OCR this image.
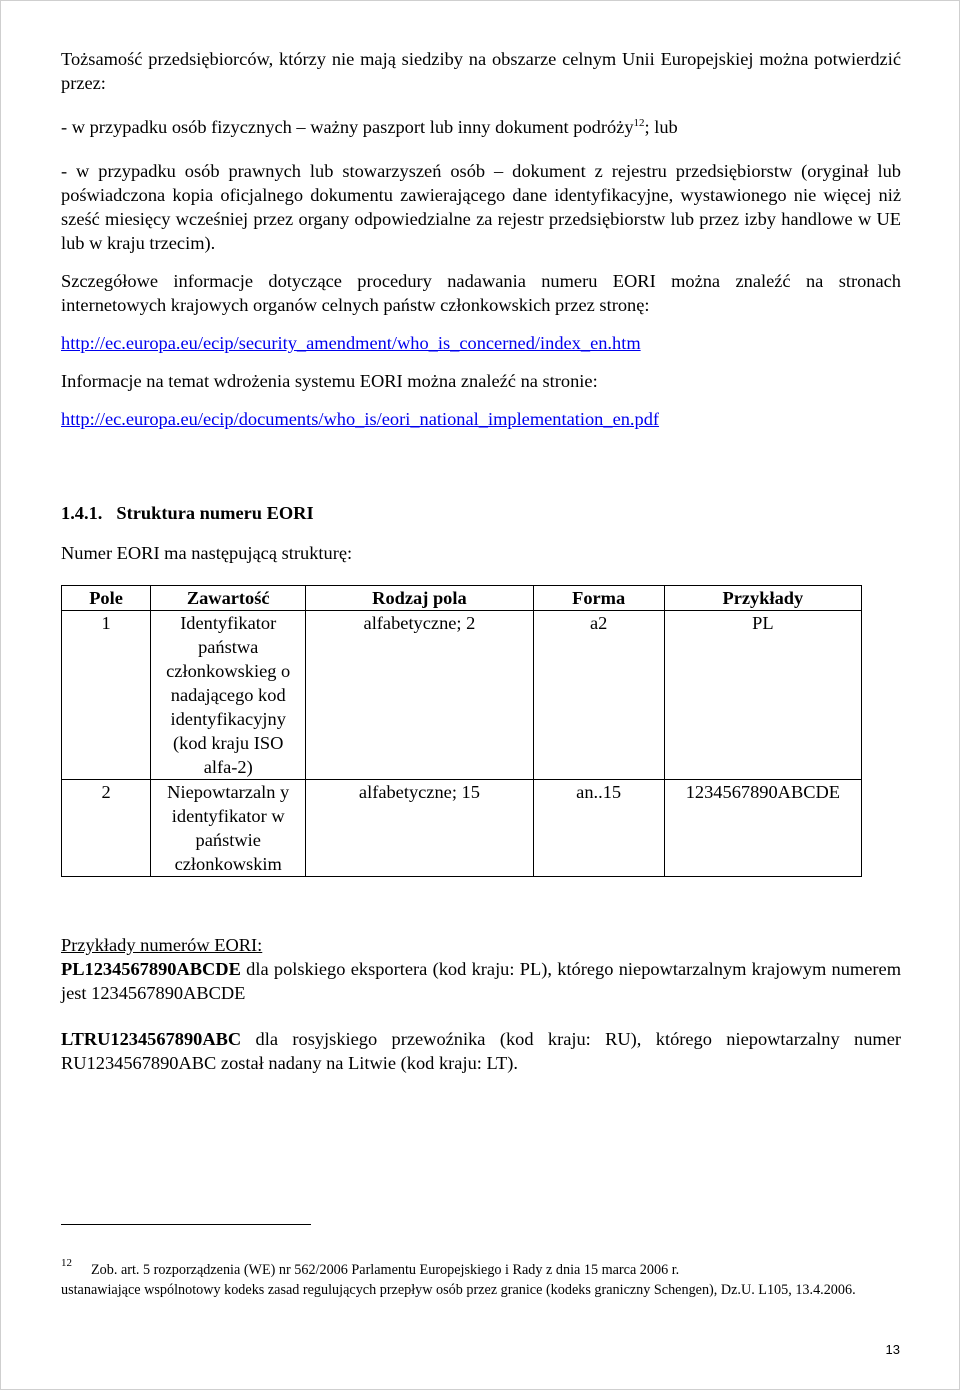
Tożsamość przedsiębiorców, którzy nie mają siedziby na obszarze celnym Unii Europejskiej można potwierdzić przez:

- w przypadku osób fizycznych – ważny paszport lub inny dokument podróży$^{12}$; lub

- w przypadku osób prawnych lub stowarzyszeń osób – dokument z rejestru przedsiębiorstw (oryginał lub poświadczona kopia oficjalnego dokumentu zawierającego dane identyfikacyjne, wystawionego nie więcej niż sześć miesięcy wcześniej przez organy odpowiedzialne za rejestr przedsiębiorstw lub przez izby handlowe w UE lub w kraju trzecim).

Szczegółowe informacje dotyczące procedury nadawania numeru EORI można znaleźć na stronach internetowych krajowych organów celnych państw członkowskich przez stronę:

http://ec.europa.eu/ecip/security_amendment/who_is_concerned/index_en.htm

Informacje na temat wdrożenia systemu EORI można znaleźć na stronie:

http://ec.europa.eu/ecip/documents/who_is/eori_national_implementation_en.pdf

1.4.1. Struktura numeru EORI

Numer EORI ma następującą strukturę:

Pole	Zawartość	Rodzaj pola	Forma	Przykłady
1	Identyfikator państwa członkowskieg o nadającego kod identyfikacyjny (kod kraju ISO alfa-2)	alfabetyczne; 2	a2	PL
2	Niepowtarzaln y identyfikator w państwie członkowskim	alfabetyczne; 15	an..15	1234567890ABCDE

Przykłady numerów EORI:

PL1234567890ABCDE dla polskiego eksportera (kod kraju: PL), którego niepowtarzalnym krajowym numerem jest 1234567890ABCDE

LTRU1234567890ABC dla rosyjskiego przewoźnika (kod kraju: RU), którego niepowtarzalny numer RU1234567890ABC został nadany na Litwie (kod kraju: LT).

12 Zob. art. 5 rozporządzenia (WE) nr 562/2006 Parlamentu Europejskiego i Rady z dnia 15 marca 2006 r.

ustanawiające wspólnotowy kodeks zasad regulujących przepływ osób przez granice (kodeks graniczny Schengen), Dz.U. L105, 13.4.2006.

13
